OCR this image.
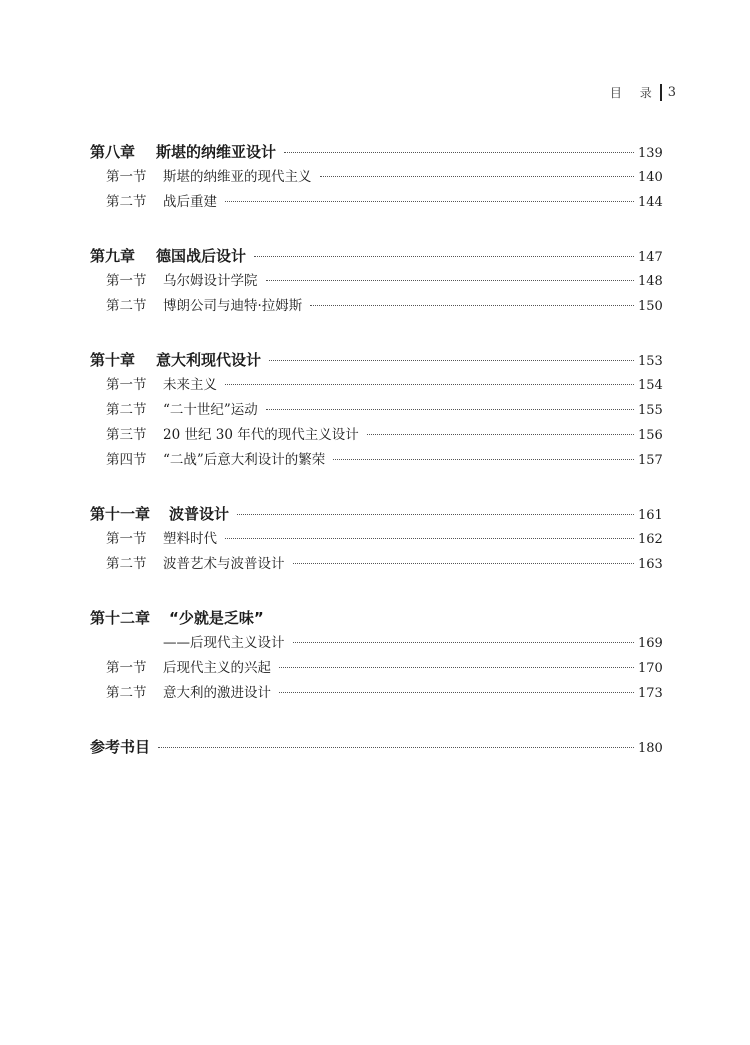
目 录 3
第八章	斯堪的纳维亚设计	139
第一节	斯堪的纳维亚的现代主义	140
第二节	战后重建	144
第九章	德国战后设计	147
第一节	乌尔姆设计学院	148
第二节	博朗公司与迪特·拉姆斯	150
第十章	意大利现代设计	153
第一节	未来主义	154
第二节	“二十世纪”运动	155
第三节	20 世纪 30 年代的现代主义设计	156
第四节	“二战”后意大利设计的繁荣	157
第十一章	波普设计	161
第一节	塑料时代	162
第二节	波普艺术与波普设计	163
第十二章	“少就是乏味”
——后现代主义设计	169
第一节	后现代主义的兴起	170
第二节	意大利的激进设计	173
参考书目	180
